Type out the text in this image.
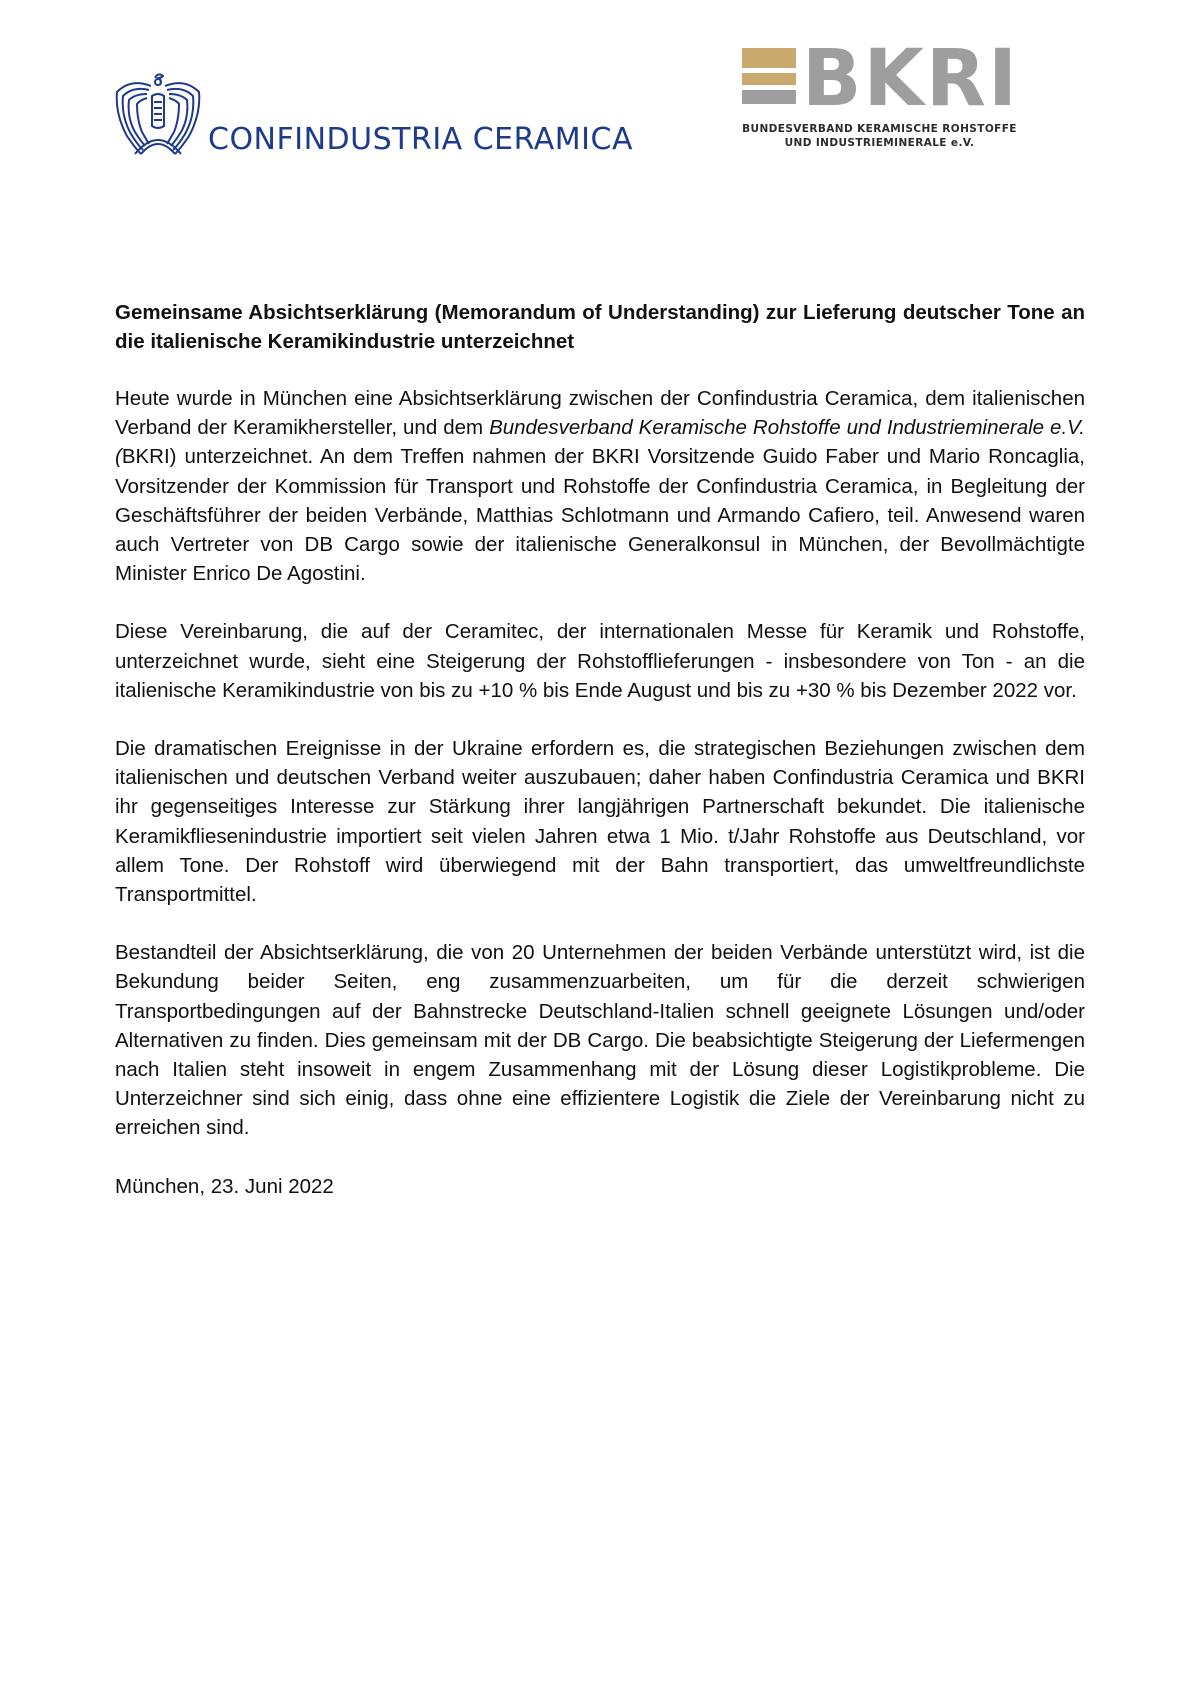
CONFINDUSTRIA CERAMICA
BKRI
BUNDESVERBAND KERAMISCHE ROHSTOFFE
UND INDUSTRIEMINERALE e.V.

Gemeinsame Absichtserklärung (Memorandum of Understanding) zur Lieferung deutscher Tone an die italienische Keramikindustrie unterzeichnet

Heute wurde in München eine Absichtserklärung zwischen der Confindustria Ceramica, dem italienischen Verband der Keramikhersteller, und dem Bundesverband Keramische Rohstoffe und Industrieminerale e.V. (BKRI) unterzeichnet. An dem Treffen nahmen der BKRI Vorsitzende Guido Faber und Mario Roncaglia, Vorsitzender der Kommission für Transport und Rohstoffe der Confindustria Ceramica, in Begleitung der Geschäftsführer der beiden Verbände, Matthias Schlotmann und Armando Cafiero, teil. Anwesend waren auch Vertreter von DB Cargo sowie der italienische Generalkonsul in München, der Bevollmächtigte Minister Enrico De Agostini.

Diese Vereinbarung, die auf der Ceramitec, der internationalen Messe für Keramik und Rohstoffe, unterzeichnet wurde, sieht eine Steigerung der Rohstofflieferungen - insbesondere von Ton - an die italienische Keramikindustrie von bis zu +10 % bis Ende August und bis zu +30 % bis Dezember 2022 vor.

Die dramatischen Ereignisse in der Ukraine erfordern es, die strategischen Beziehungen zwischen dem italienischen und deutschen Verband weiter auszubauen; daher haben Confindustria Ceramica und BKRI ihr gegenseitiges Interesse zur Stärkung ihrer langjährigen Partnerschaft bekundet. Die italienische Keramikfliesenindustrie importiert seit vielen Jahren etwa 1 Mio. t/Jahr Rohstoffe aus Deutschland, vor allem Tone. Der Rohstoff wird überwiegend mit der Bahn transportiert, das umweltfreundlichste Transportmittel.

Bestandteil der Absichtserklärung, die von 20 Unternehmen der beiden Verbände unterstützt wird, ist die Bekundung beider Seiten, eng zusammenzuarbeiten, um für die derzeit schwierigen Transportbedingungen auf der Bahnstrecke Deutschland-Italien schnell geeignete Lösungen und/oder Alternativen zu finden. Dies gemeinsam mit der DB Cargo. Die beabsichtigte Steigerung der Liefermengen nach Italien steht insoweit in engem Zusammenhang mit der Lösung dieser Logistikprobleme. Die Unterzeichner sind sich einig, dass ohne eine effizientere Logistik die Ziele der Vereinbarung nicht zu erreichen sind.

München, 23. Juni 2022
